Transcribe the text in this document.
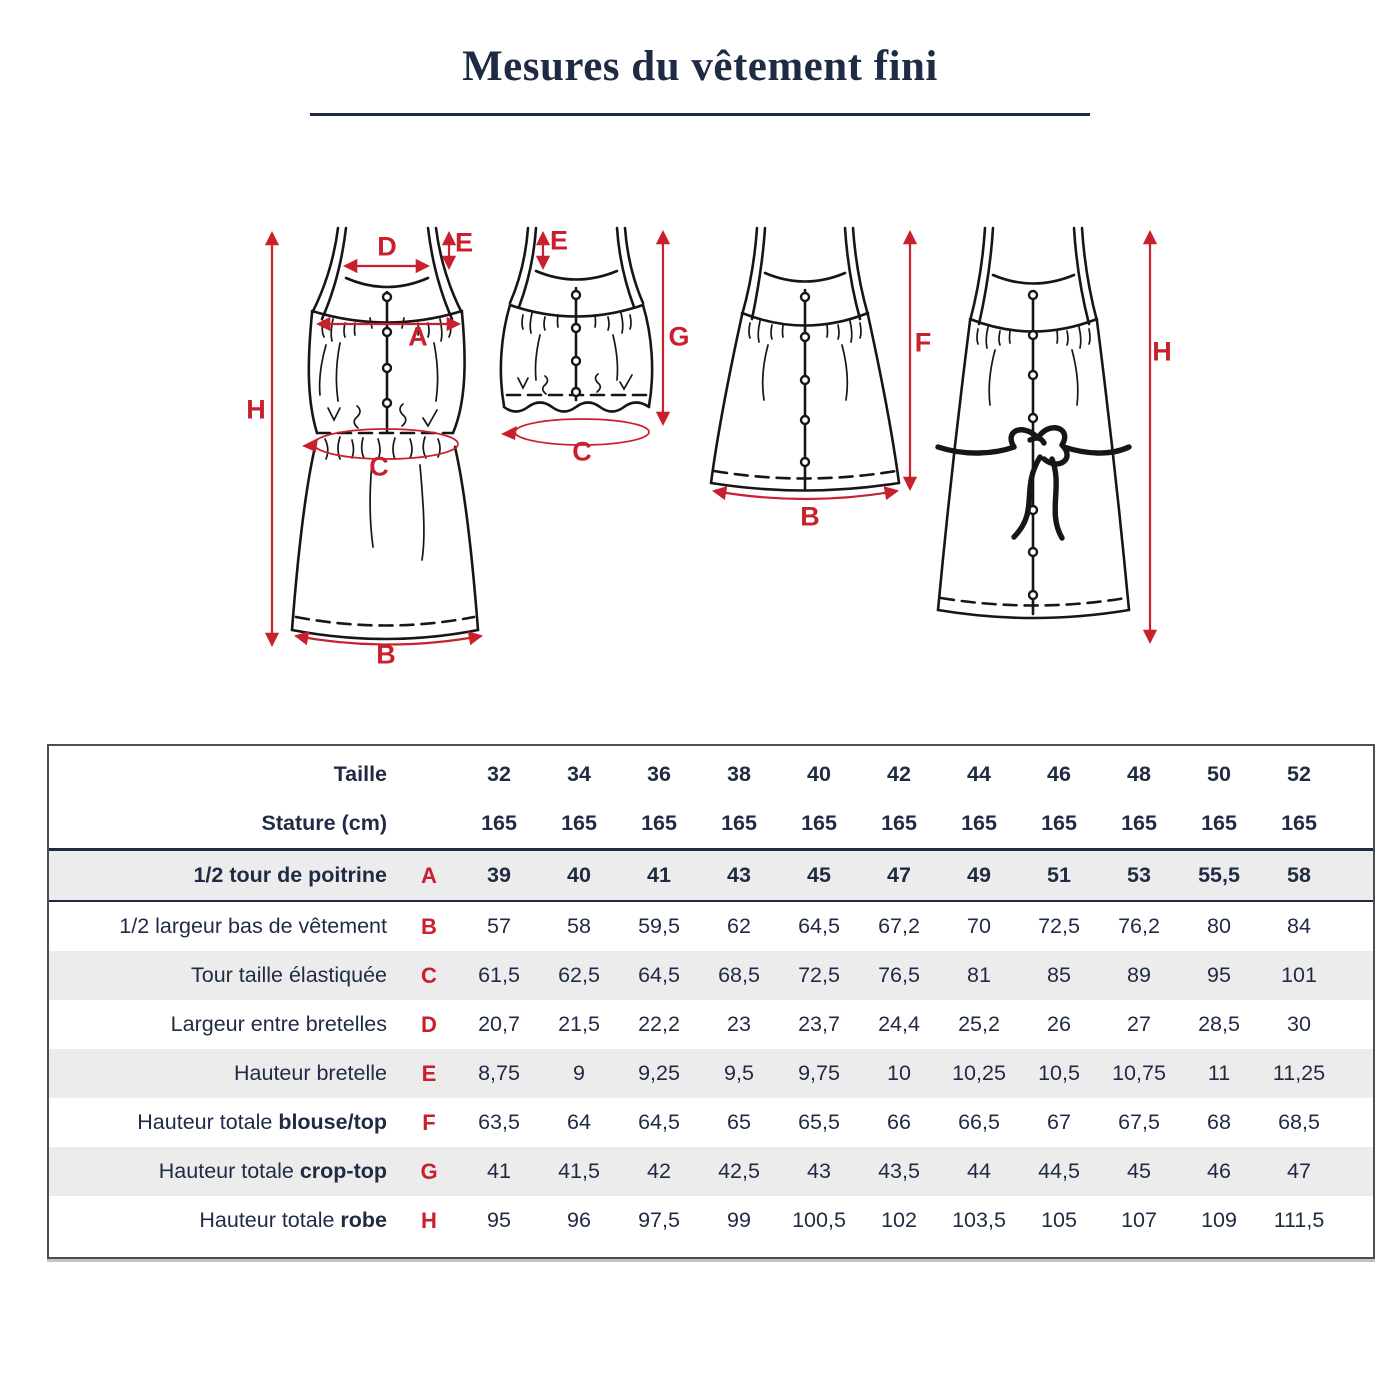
Mesures du vêtement fini
H
D E
A
C
B
E
G
C
F
B
H
Taille		32	34	36	38	40	42	44	46	48	50	52	
Stature (cm)		165	165	165	165	165	165	165	165	165	165	165	
1/2 tour de poitrine	A	39	40	41	43	45	47	49	51	53	55,5	58	
1/2 largeur bas de vêtement	B	57	58	59,5	62	64,5	67,2	70	72,5	76,2	80	84	
Tour taille élastiquée	C	61,5	62,5	64,5	68,5	72,5	76,5	81	85	89	95	101	
Largeur entre bretelles	D	20,7	21,5	22,2	23	23,7	24,4	25,2	26	27	28,5	30	
Hauteur bretelle	E	8,75	9	9,25	9,5	9,75	10	10,25	10,5	10,75	11	11,25	
Hauteur totale blouse/top	F	63,5	64	64,5	65	65,5	66	66,5	67	67,5	68	68,5	
Hauteur totale crop-top	G	41	41,5	42	42,5	43	43,5	44	44,5	45	46	47	
Hauteur totale robe	H	95	96	97,5	99	100,5	102	103,5	105	107	109	111,5	
